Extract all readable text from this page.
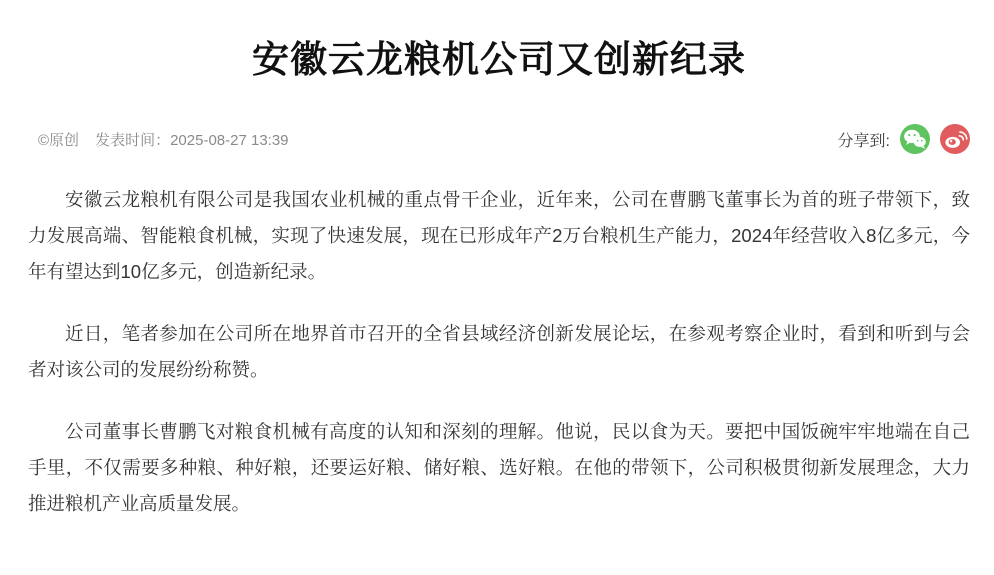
安徽云龙粮机公司又创新纪录
©原创 发表时间：2025-08-27 13:39	分享到:

安徽云龙粮机有限公司是我国农业机械的重点骨干企业，近年来，公司在曹鹏飞董事长为首的班子带领下，致力发展高端、智能粮食机械，实现了快速发展，现在已形成年产2万台粮机生产能力，2024年经营收入8亿多元，今年有望达到10亿多元，创造新纪录。

近日，笔者参加在公司所在地界首市召开的全省县域经济创新发展论坛，在参观考察企业时，看到和听到与会者对该公司的发展纷纷称赞。

公司董事长曹鹏飞对粮食机械有高度的认知和深刻的理解。他说，民以食为天。要把中国饭碗牢牢地端在自己手里，不仅需要多种粮、种好粮，还要运好粮、储好粮、选好粮。在他的带领下，公司积极贯彻新发展理念，大力推进粮机产业高质量发展。
